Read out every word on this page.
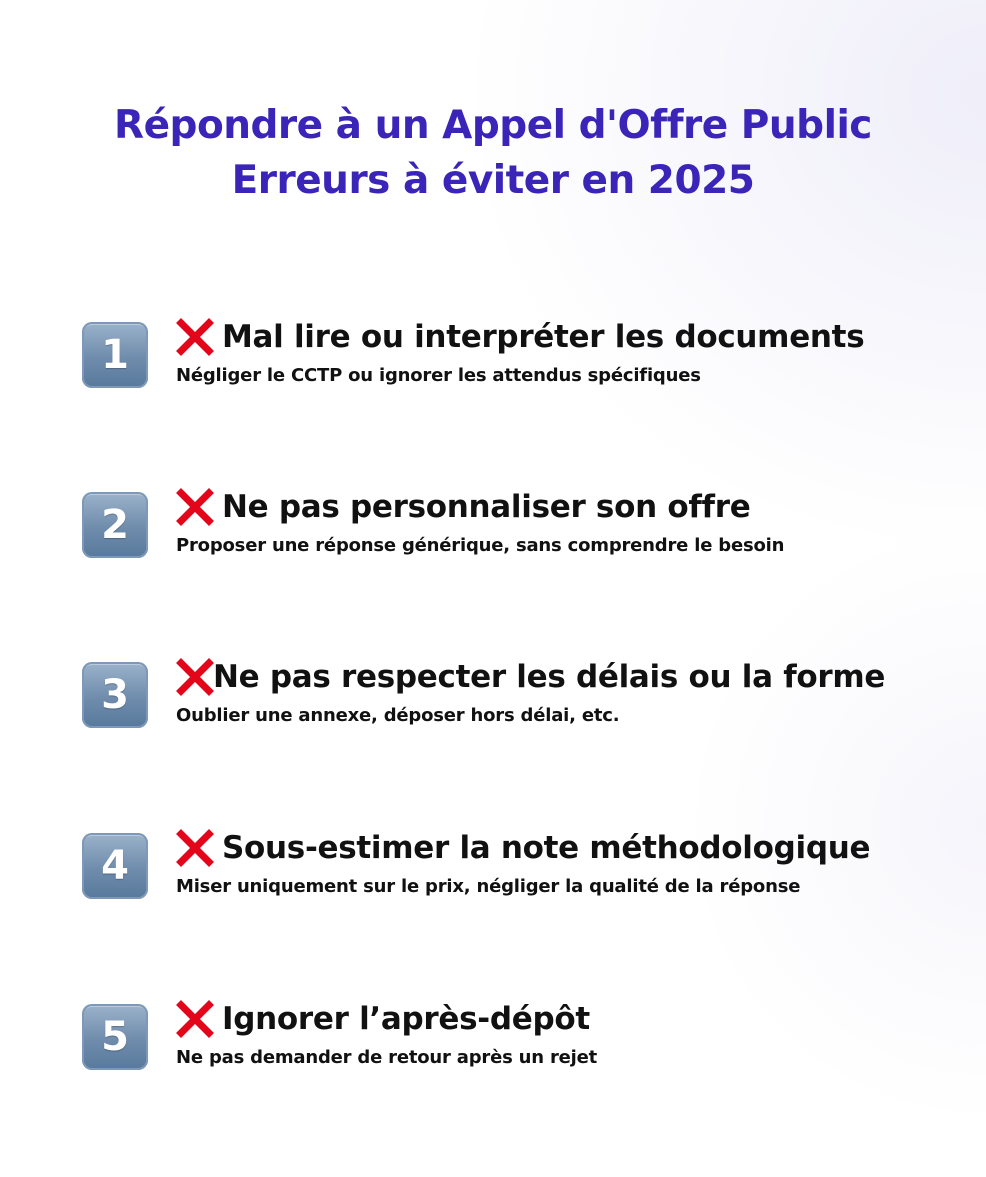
Répondre à un Appel d'Offre Public
Erreurs à éviter en 2025
1	Mal lire ou interpréter les documents
Négliger le CCTP ou ignorer les attendus spécifiques
2	Ne pas personnaliser son offre
Proposer une réponse générique, sans comprendre le besoin
3	Ne pas respecter les délais ou la forme
Oublier une annexe, déposer hors délai, etc.
4	Sous-estimer la note méthodologique
Miser uniquement sur le prix, négliger la qualité de la réponse
5	Ignorer l’après-dépôt
Ne pas demander de retour après un rejet
